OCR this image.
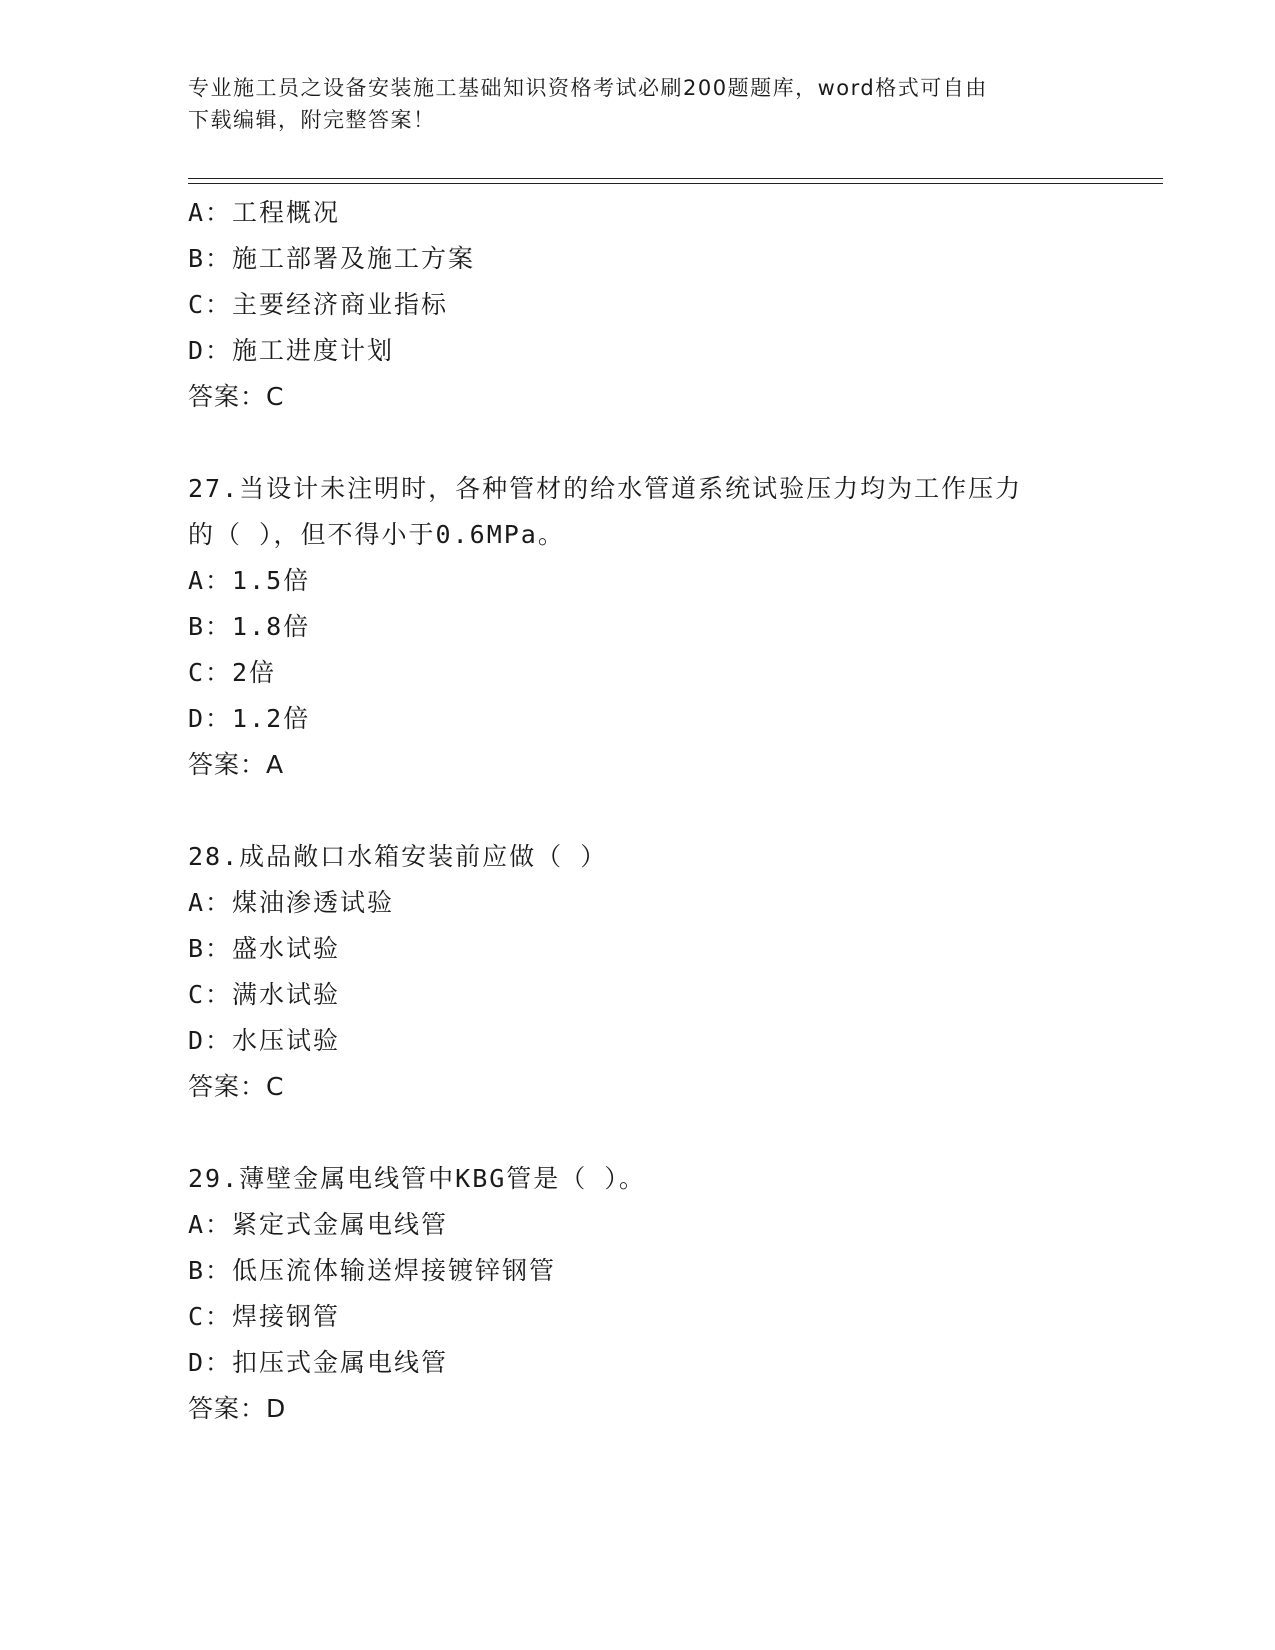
专业施工员之设备安装施工基础知识资格考试必刷200题题库，word格式可自由
下载编辑，附完整答案！
A：工程概况
B：施工部署及施工方案
C：主要经济商业指标
D：施工进度计划
答案：C
27.当设计未注明时，各种管材的给水管道系统试验压力均为工作压力
的（ ），但不得小于0.6MPa。
A：1.5倍
B：1.8倍
C：2倍
D：1.2倍
答案：A
28.成品敞口水箱安装前应做（ ）
A：煤油渗透试验
B：盛水试验
C：满水试验
D：水压试验
答案：C
29.薄壁金属电线管中KBG管是（ ）。
A：紧定式金属电线管
B：低压流体输送焊接镀锌钢管
C：焊接钢管
D：扣压式金属电线管
答案：D
